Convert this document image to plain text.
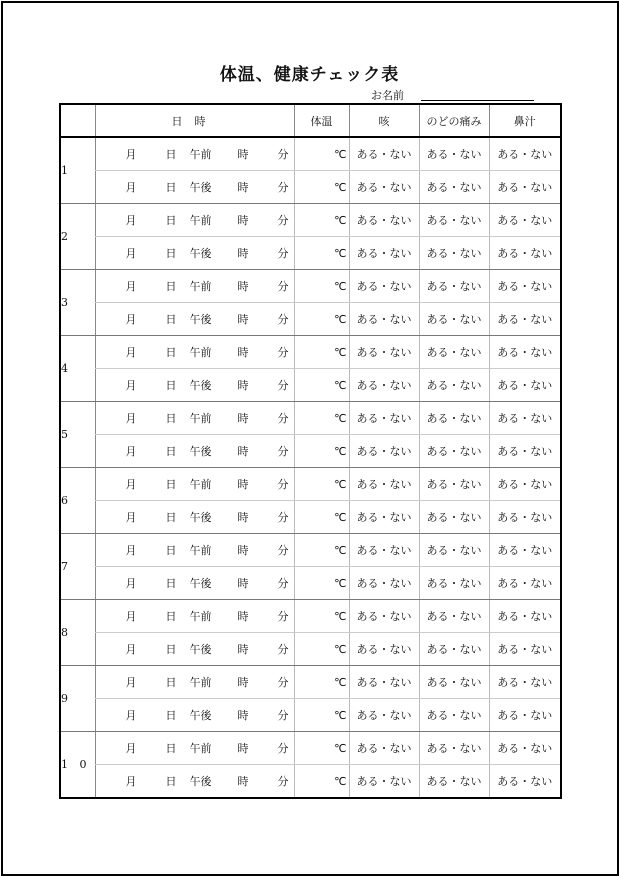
体温、健康チェック表
お名前
	日時	体温	咳	のどの痛み	鼻汁
1	月 日 午前 時 分	℃	ある・ない	ある・ない	ある・ない

	月 日 午後 時 分	℃	ある・ない	ある・ない	ある・ない
2	月 日 午前 時 分	℃	ある・ない	ある・ない	ある・ない

	月 日 午後 時 分	℃	ある・ない	ある・ない	ある・ない
3	月 日 午前 時 分	℃	ある・ない	ある・ない	ある・ない

	月 日 午後 時 分	℃	ある・ない	ある・ない	ある・ない
4	月 日 午前 時 分	℃	ある・ない	ある・ない	ある・ない

	月 日 午後 時 分	℃	ある・ない	ある・ない	ある・ない
5	月 日 午前 時 分	℃	ある・ない	ある・ない	ある・ない

	月 日 午後 時 分	℃	ある・ない	ある・ない	ある・ない
6	月 日 午前 時 分	℃	ある・ない	ある・ない	ある・ない

	月 日 午後 時 分	℃	ある・ない	ある・ない	ある・ない
7	月 日 午前 時 分	℃	ある・ない	ある・ない	ある・ない

	月 日 午後 時 分	℃	ある・ない	ある・ない	ある・ない
8	月 日 午前 時 分	℃	ある・ない	ある・ない	ある・ない

	月 日 午後 時 分	℃	ある・ない	ある・ない	ある・ない
9	月 日 午前 時 分	℃	ある・ない	ある・ない	ある・ない

	月 日 午後 時 分	℃	ある・ない	ある・ない	ある・ない
1 0	月 日 午前 時 分	℃	ある・ない	ある・ない	ある・ない

	月 日 午後 時 分	℃	ある・ない	ある・ない	ある・ない
